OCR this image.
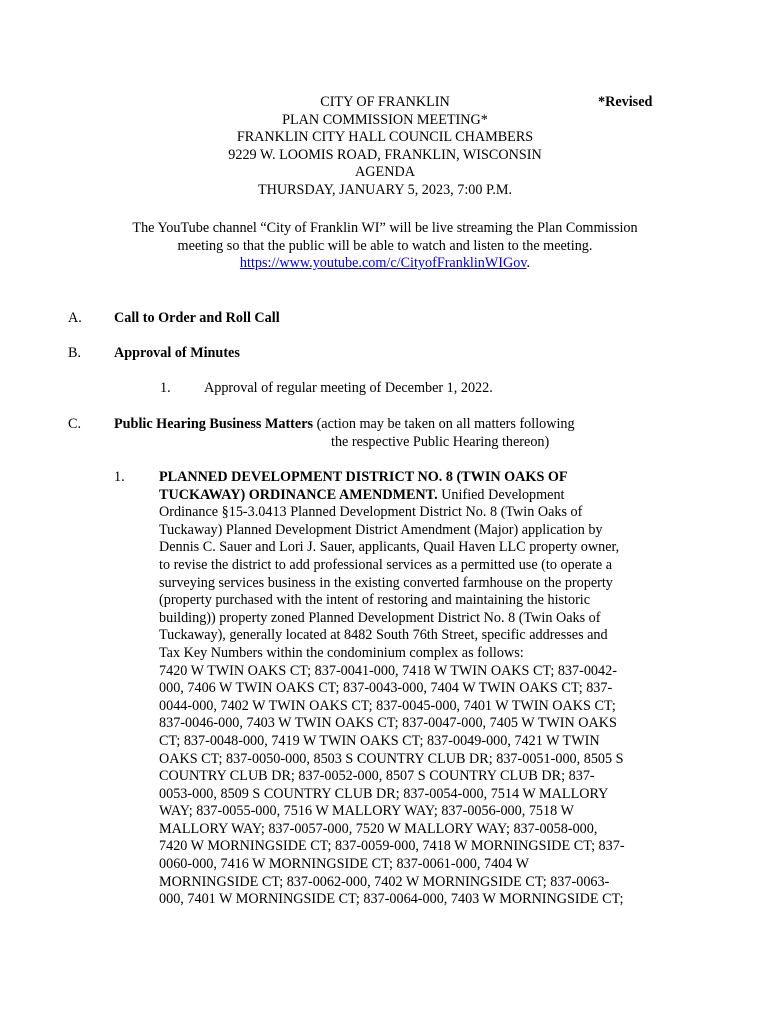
CITY OF FRANKLIN
PLAN COMMISSION MEETING*
FRANKLIN CITY HALL COUNCIL CHAMBERS
9229 W. LOOMIS ROAD, FRANKLIN, WISCONSIN
AGENDA
THURSDAY, JANUARY 5, 2023, 7:00 P.M.
*Revised
The YouTube channel “City of Franklin WI” will be live streaming the Plan Commission
meeting so that the public will be able to watch and listen to the meeting.
https://www.youtube.com/c/CityofFranklinWIGov.
A. Call to Order and Roll Call
B. Approval of Minutes
1. Approval of regular meeting of December 1, 2022.
C. Public Hearing Business Matters (action may be taken on all matters following
the respective Public Hearing thereon)
1. PLANNED DEVELOPMENT DISTRICT NO. 8 (TWIN OAKS OF

TUCKAWAY) ORDINANCE AMENDMENT. Unified Development

Ordinance §15-3.0413 Planned Development District No. 8 (Twin Oaks of

Tuckaway) Planned Development District Amendment (Major) application by

Dennis C. Sauer and Lori J. Sauer, applicants, Quail Haven LLC property owner,

to revise the district to add professional services as a permitted use (to operate a

surveying services business in the existing converted farmhouse on the property

(property purchased with the intent of restoring and maintaining the historic

building)) property zoned Planned Development District No. 8 (Twin Oaks of

Tuckaway), generally located at 8482 South 76th Street, specific addresses and

Tax Key Numbers within the condominium complex as follows:

7420 W TWIN OAKS CT; 837-0041-000, 7418 W TWIN OAKS CT; 837-0042-

000, 7406 W TWIN OAKS CT; 837-0043-000, 7404 W TWIN OAKS CT; 837-

0044-000, 7402 W TWIN OAKS CT; 837-0045-000, 7401 W TWIN OAKS CT;

837-0046-000, 7403 W TWIN OAKS CT; 837-0047-000, 7405 W TWIN OAKS

CT; 837-0048-000, 7419 W TWIN OAKS CT; 837-0049-000, 7421 W TWIN

OAKS CT; 837-0050-000, 8503 S COUNTRY CLUB DR; 837-0051-000, 8505 S

COUNTRY CLUB DR; 837-0052-000, 8507 S COUNTRY CLUB DR; 837-

0053-000, 8509 S COUNTRY CLUB DR; 837-0054-000, 7514 W MALLORY

WAY; 837-0055-000, 7516 W MALLORY WAY; 837-0056-000, 7518 W

MALLORY WAY; 837-0057-000, 7520 W MALLORY WAY; 837-0058-000,

7420 W MORNINGSIDE CT; 837-0059-000, 7418 W MORNINGSIDE CT; 837-

0060-000, 7416 W MORNINGSIDE CT; 837-0061-000, 7404 W

MORNINGSIDE CT; 837-0062-000, 7402 W MORNINGSIDE CT; 837-0063-

000, 7401 W MORNINGSIDE CT; 837-0064-000, 7403 W MORNINGSIDE CT;
